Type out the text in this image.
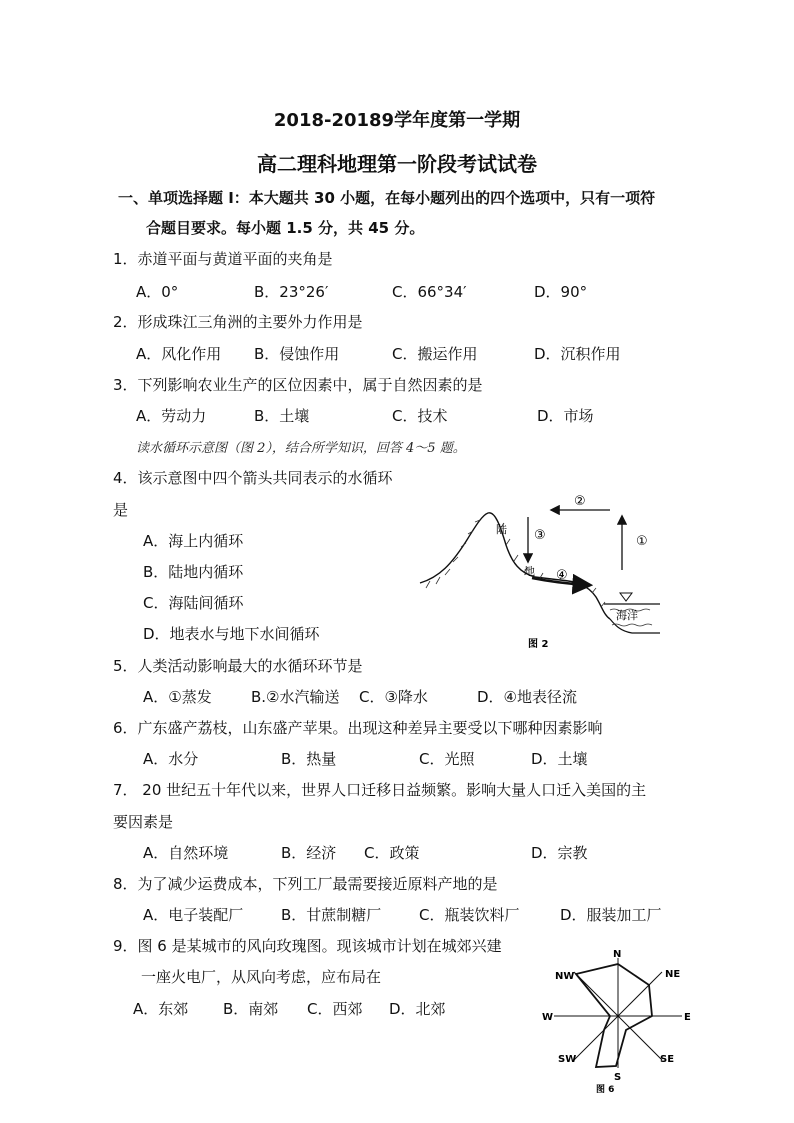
2018-20189学年度第一学期
高二理科地理第一阶段考试试卷
一、单项选择题 I：本大题共 30 小题，在每小题列出的四个选项中，只有一项符
合题目要求。每小题 1.5 分，共 45 分。
1．赤道平面与黄道平面的夹角是
A．0°	B．23°26′	C．66°34′	D．90°
2．形成珠江三角洲的主要外力作用是
A．风化作用 B．侵蚀作用	C．搬运作用	D．沉积作用
3．下列影响农业生产的区位因素中，属于自然因素的是
A．劳动力	B．土壤	C．技术	D．市场
读水循环示意图（图 2），结合所学知识，回答 4～5 题。
4．该示意图中四个箭头共同表示的水循环
是
A．海上内循环
B．陆地内循环
C．海陆间循环
D．地表水与地下水间循环
①
②
③
④
陆
地
海洋
图 2
5．人类活动影响最大的水循环环节是
A．①蒸发	B.②水汽输送 C．③降水	D．④地表径流
6．广东盛产荔枝，山东盛产苹果。出现这种差异主要受以下哪种因素影响
A．水分	B．热量	C．光照	D．土壤
7． 20 世纪五十年代以来，世界人口迁移日益频繁。影响大量人口迁入美国的主
要因素是
A．自然环境	B．经济 C．政策	D．宗教
8．为了减少运费成本，下列工厂最需要接近原料产地的是
A．电子装配厂	B．甘蔗制糖厂	C．瓶装饮料厂	D．服装加工厂
9．图 6 是某城市的风向玫瑰图。现该城市计划在城郊兴建
一座火电厂，从风向考虑，应布局在
A．东郊 B．南郊 C．西郊 D．北郊
N
NE
E
SE
S
SW
W
NW
图 6
